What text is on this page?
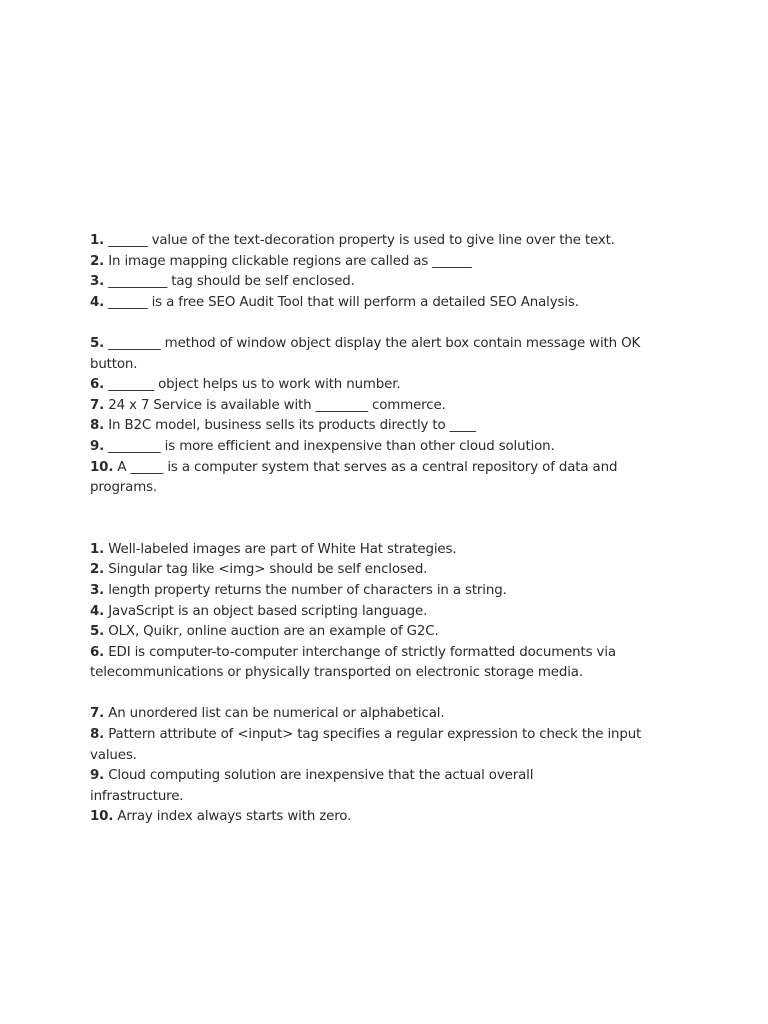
1. ______ value of the text-decoration property is used to give line over the text.
2. In image mapping clickable regions are called as ______
3. _________ tag should be self enclosed.
4. ______ is a free SEO Audit Tool that will perform a detailed SEO Analysis.
5. ________ method of window object display the alert box contain message with OK button.
6. _______ object helps us to work with number.
7. 24 x 7 Service is available with ________ commerce.
8. In B2C model, business sells its products directly to ____
9. ________ is more efficient and inexpensive than other cloud solution.
10. A _____ is a computer system that serves as a central repository of data and programs.
1. Well-labeled images are part of White Hat strategies.
2. Singular tag like <img> should be self enclosed.
3. length property returns the number of characters in a string.
4. JavaScript is an object based scripting language.
5. OLX, Quikr, online auction are an example of G2C.
6. EDI is computer-to-computer interchange of strictly formatted documents via telecommunications or physically transported on electronic storage media.
7. An unordered list can be numerical or alphabetical.
8. Pattern attribute of <input> tag specifies a regular expression to check the input values.
9. Cloud computing solution are inexpensive that the actual overall infrastructure.
10. Array index always starts with zero.
